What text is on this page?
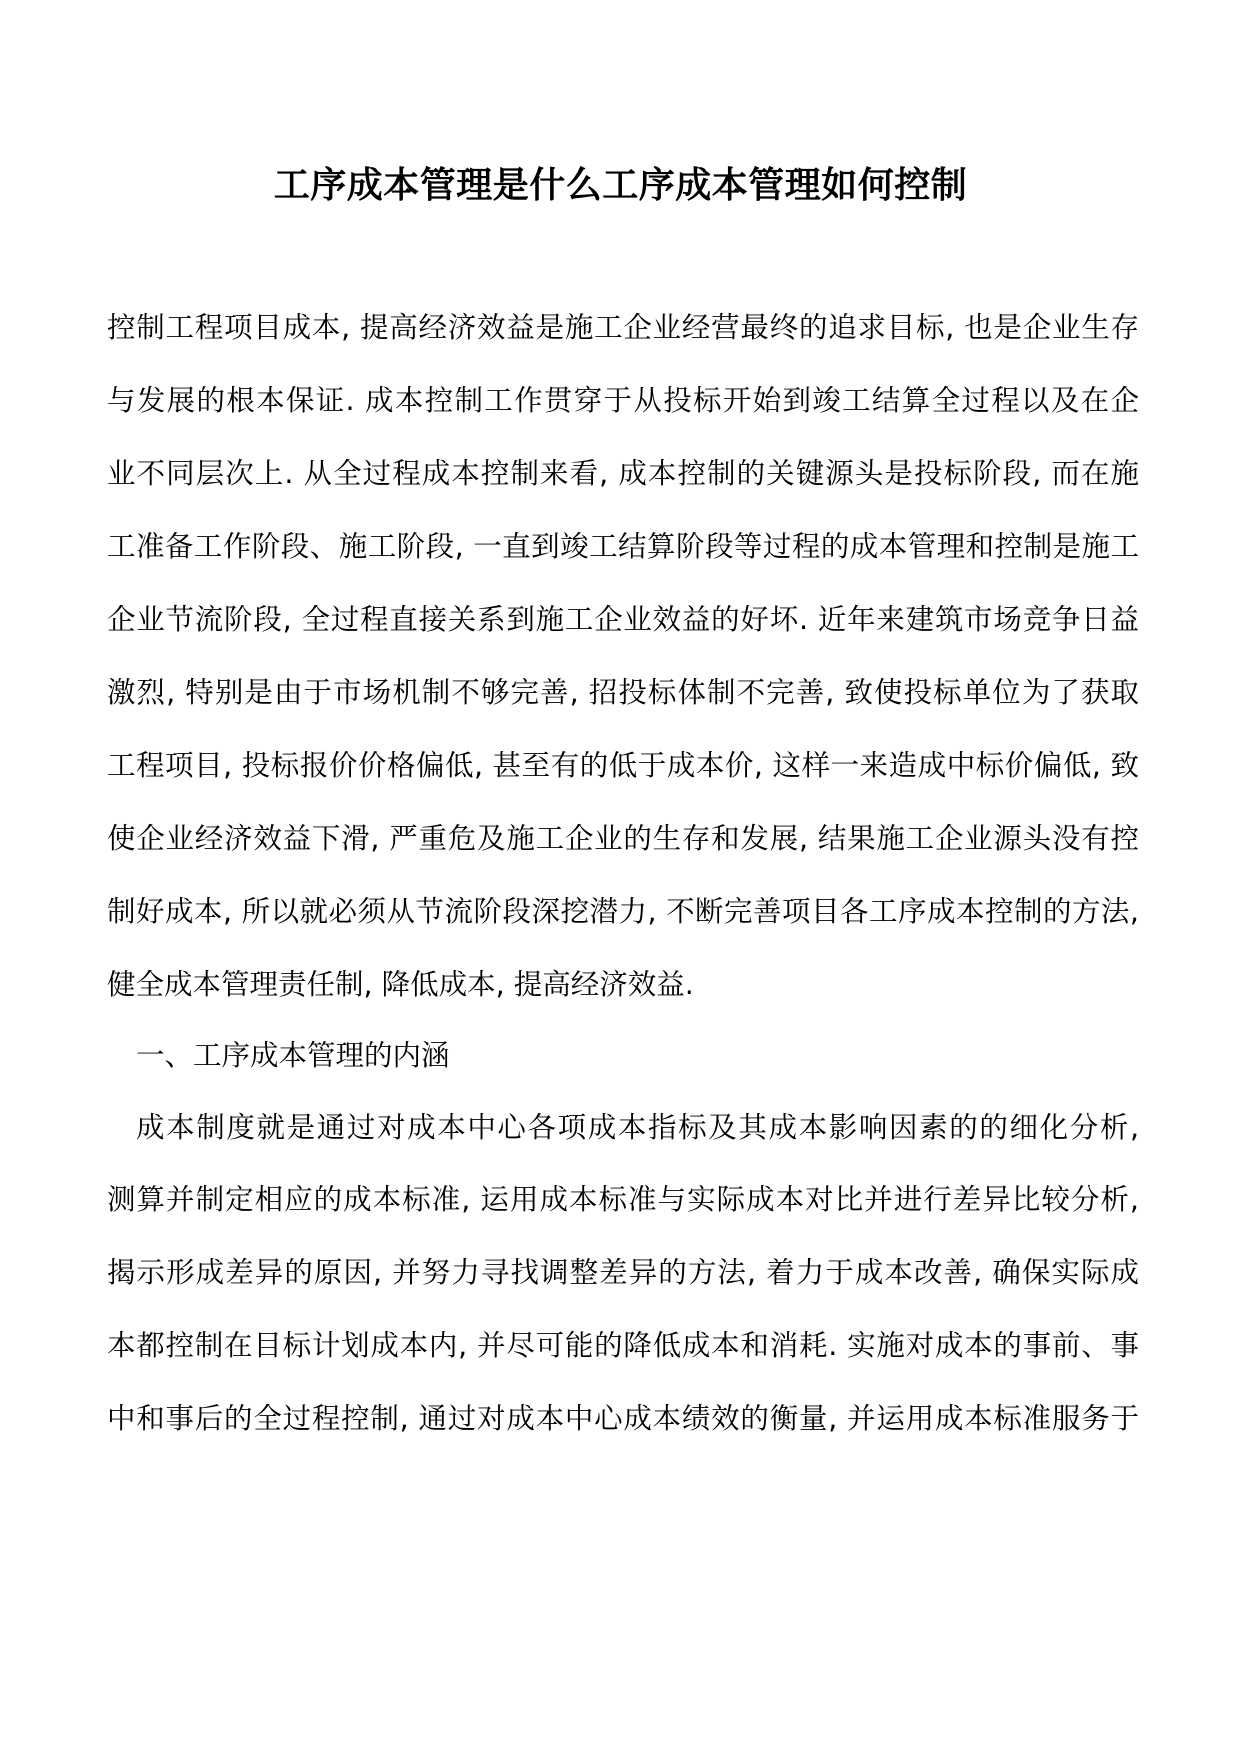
工序成本管理是什么工序成本管理如何控制
控制工程项目成本, 提高经济效益是施工企业经营最终的追求目标, 也是企业生存
与发展的根本保证. 成本控制工作贯穿于从投标开始到竣工结算全过程以及在企
业不同层次上. 从全过程成本控制来看, 成本控制的关键源头是投标阶段, 而在施
工准备工作阶段、施工阶段, 一直到竣工结算阶段等过程的成本管理和控制是施工
企业节流阶段, 全过程直接关系到施工企业效益的好坏. 近年来建筑市场竞争日益
激烈, 特别是由于市场机制不够完善, 招投标体制不完善, 致使投标单位为了获取
工程项目, 投标报价价格偏低, 甚至有的低于成本价, 这样一来造成中标价偏低, 致
使企业经济效益下滑, 严重危及施工企业的生存和发展, 结果施工企业源头没有控
制好成本, 所以就必须从节流阶段深挖潜力, 不断完善项目各工序成本控制的方法,
健全成本管理责任制, 降低成本, 提高经济效益.
一、工序成本管理的内涵
成本制度就是通过对成本中心各项成本指标及其成本影响因素的的细化分析,
测算并制定相应的成本标准, 运用成本标准与实际成本对比并进行差异比较分析,
揭示形成差异的原因, 并努力寻找调整差异的方法, 着力于成本改善, 确保实际成
本都控制在目标计划成本内, 并尽可能的降低成本和消耗. 实施对成本的事前、事
中和事后的全过程控制, 通过对成本中心成本绩效的衡量, 并运用成本标准服务于
